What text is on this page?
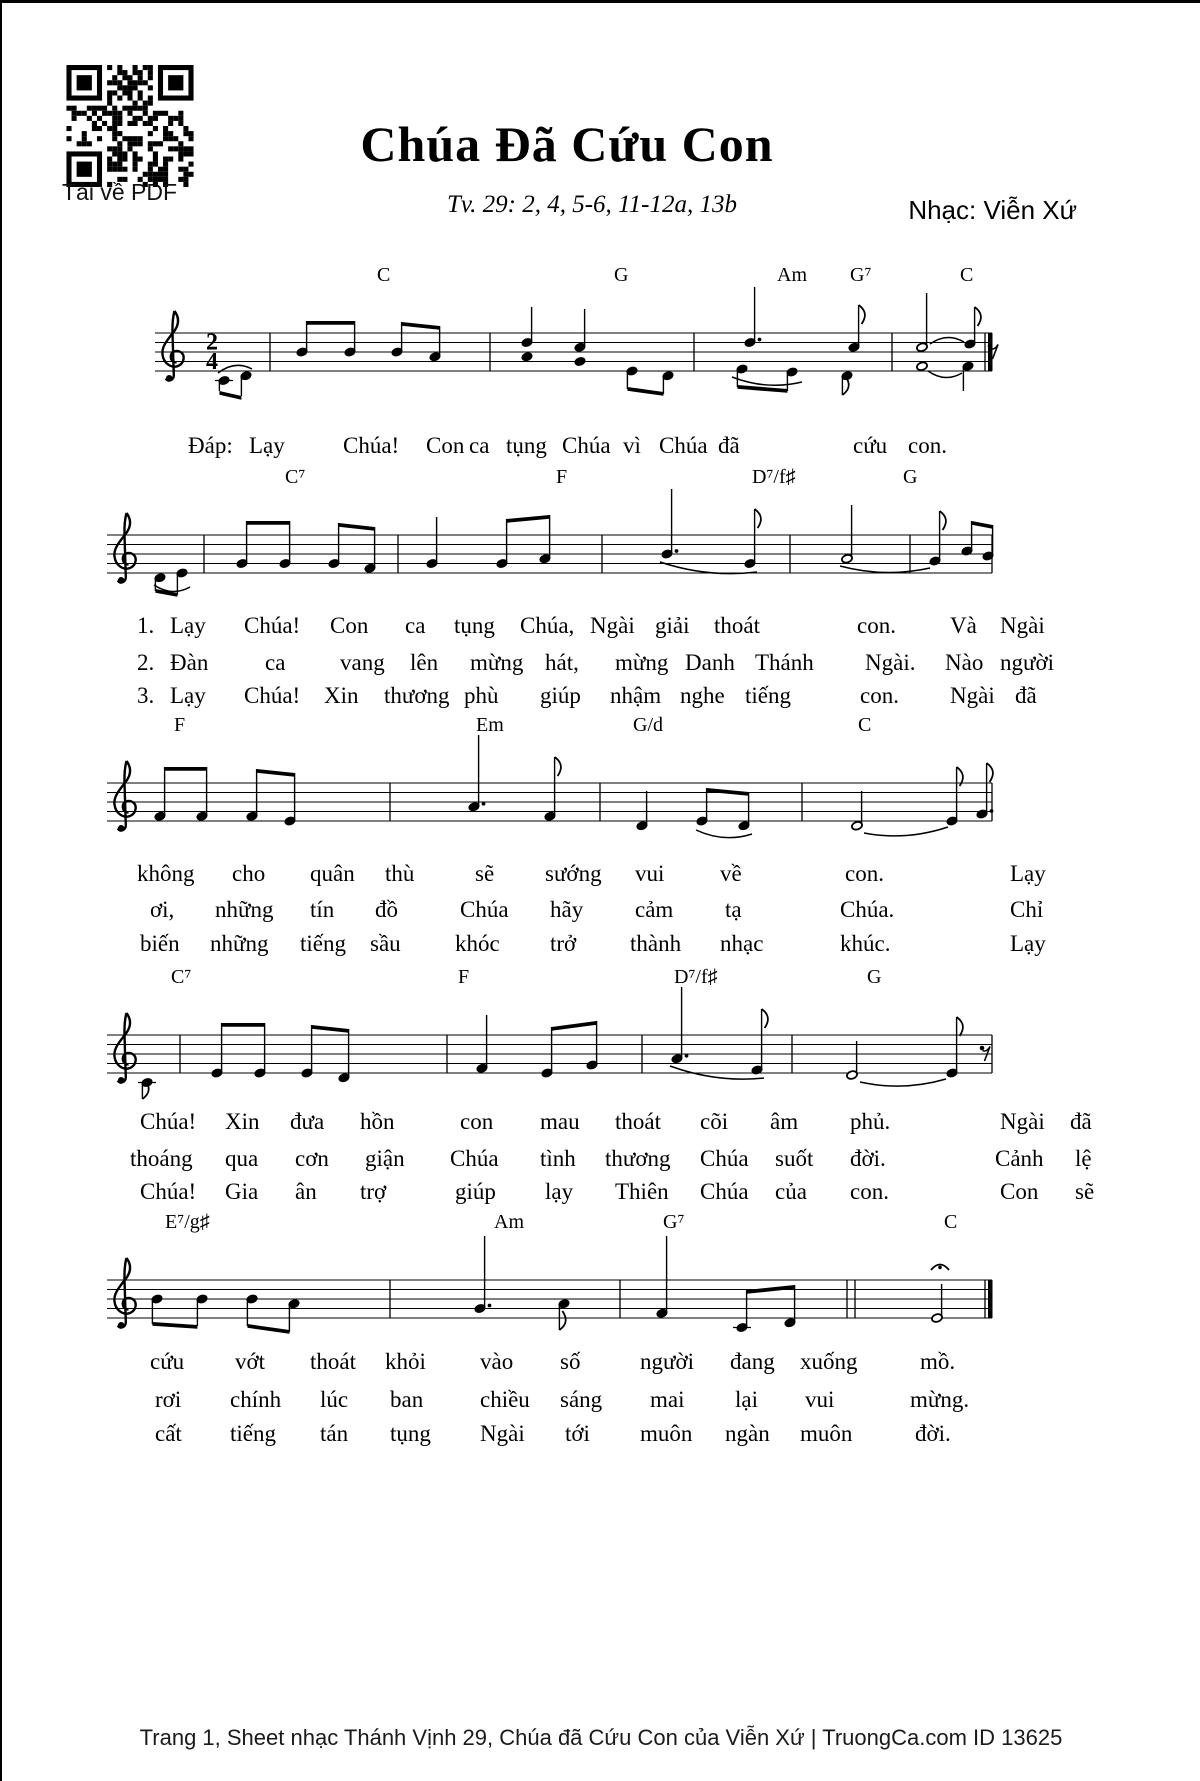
Tải về PDF
Chúa Đã Cứu Con
Tv. 29: 2, 4, 5-6, 11-12a, 13b	Nhạc: Viễn Xứ
2
4
C	G	Am G⁷	C
Đáp: Lạy	Chúa! Con ca tụng Chúa vì Chúa đã	cứu con.
C⁷	F	D⁷/f♯	G
1. Lạy Chúa! Con ca tụng Chúa, Ngài giải thoát	con. Và Ngài
2. Đàn ca vang lên mừng hát, mừng Danh Thánh Ngài. Nào người
3. Lạy Chúa! Xin thương phù giúp nhậm nghe tiếng	con. Ngài đã
F	Em	G/d	C
không cho quân thù	sẽ sướng vui về	con.	Lạy
ơi, những tín đồ	Chúa hãy cảm tạ	Chúa.	Chỉ
biến những tiếng sầu khóc trở thành nhạc	khúc.	Lạy
C⁷	F	D⁷/f♯	G
Chúa! Xin đưa hồn	con mau thoát cõi âm phủ.	Ngài đã
thoáng qua cơn giận Chúa tình thương Chúa suốt đời.	Cảnh lệ
Chúa! Gia ân trợ	giúp lạy Thiên Chúa của con.	Con sẽ
E⁷/g♯	Am	G⁷	C
cứu vớt thoát khỏi vào số	người đang xuống	mồ.
rơi chính lúc ban chiều sáng mai lại vui	mừng.
cất tiếng tán tụng Ngài tới muôn ngàn muôn	đời.
Trang 1, Sheet nhạc Thánh Vịnh 29, Chúa đã Cứu Con của Viễn Xứ | TruongCa.com ID 13625
